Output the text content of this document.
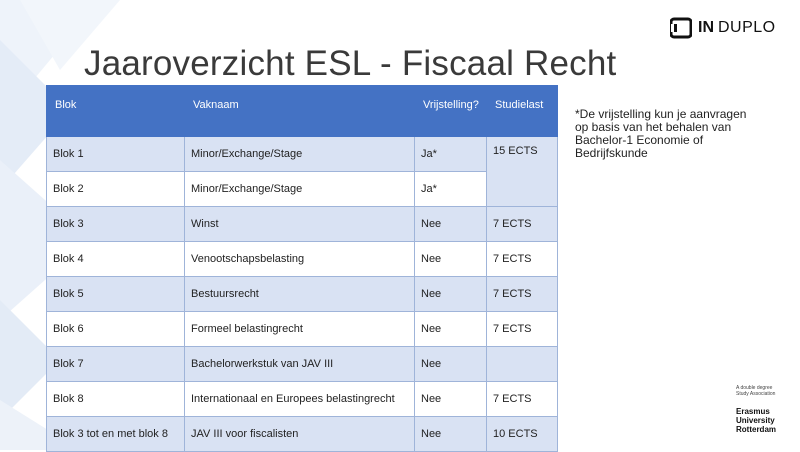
IN DUPLO
Jaaroverzicht ESL - Fiscaal Recht
Blok	Vaknaam	Vrijstelling?	Studielast
Blok 1	Minor/Exchange/Stage	Ja*	15 ECTS
Blok 2	Minor/Exchange/Stage	Ja*	
Blok 3	Winst	Nee	7 ECTS
Blok 4	Venootschapsbelasting	Nee	7 ECTS
Blok 5	Bestuursrecht	Nee	7 ECTS
Blok 6	Formeel belastingrecht	Nee	7 ECTS
Blok 7	Bachelorwerkstuk van JAV III	Nee	
Blok 8	Internationaal en Europees belastingrecht	Nee	7 ECTS
Blok 3 tot en met blok 8	JAV III voor fiscalisten	Nee	10 ECTS
*De vrijstelling kun je aanvragen op basis van het behalen van Bachelor-1 Economie of Bedrijfskunde
A double degree
Study Association
Erasmus
University
Rotterdam
